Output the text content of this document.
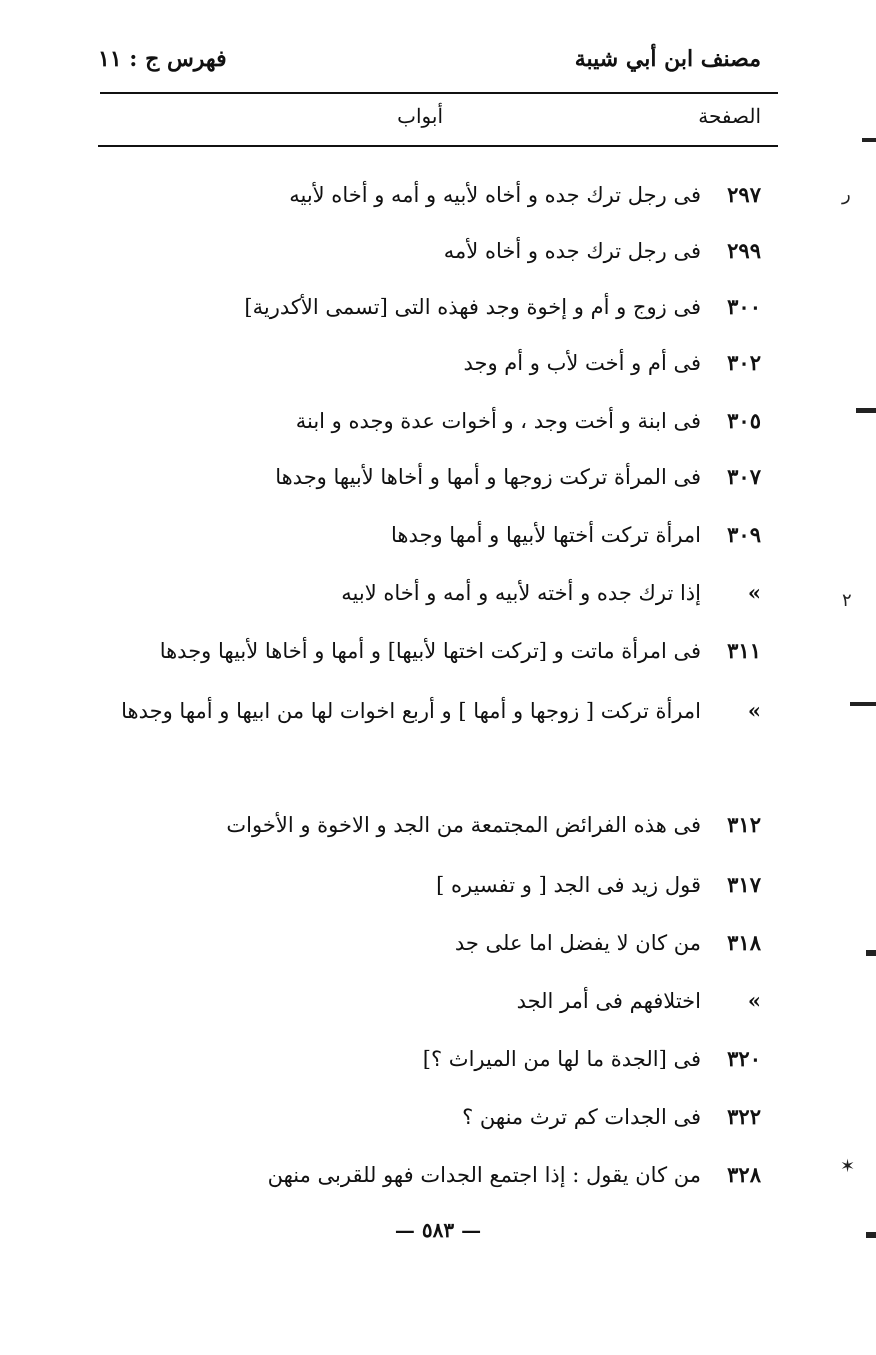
مصنف ابن أبي شيبة
فهرس ج : ١١
الصفحة
أبواب
٢٩٧
فى رجل ترك جده و أخاه لأبيه و أمه و أخاه لأبيه
٢٩٩
فى رجل ترك جده و أخاه لأمه
٣٠٠
فى زوج و أم و إخوة وجد فهذه التى [تسمى الأكدرية]
٣٠٢
فى أم و أخت لأب و أم وجد
٣٠٥
فى ابنة و أخت وجد ، و أخوات عدة وجده و ابنة
٣٠٧
فى المرأة تركت زوجها و أمها و أخاها لأبيها وجدها
٣٠٩
امرأة تركت أختها لأبيها و أمها وجدها
»
إذا ترك جده و أخته لأبيه و أمه و أخاه لابيه
٣١١
فى امرأة ماتت و [تركت اختها لأبيها] و أمها و أخاها لأبيها وجدها
»
امرأة تركت [ زوجها و أمها ] و أربع اخوات لها من ابيها و أمها وجدها
٣١٢
فى هذه الفرائض المجتمعة من الجد و الاخوة و الأخوات
٣١٧
قول زيد فى الجد [ و تفسيره ]
٣١٨
من كان لا يفضل اما على جد
»
اختلافهم فى أمر الجد
٣٢٠
فى [الجدة ما لها من الميراث ؟]
٣٢٢
فى الجدات كم ترث منهن ؟
٣٢٨
من كان يقول : إذا اجتمع الجدات فهو للقربى منهن
— ٥٨٣ —
ر
٢
✶
